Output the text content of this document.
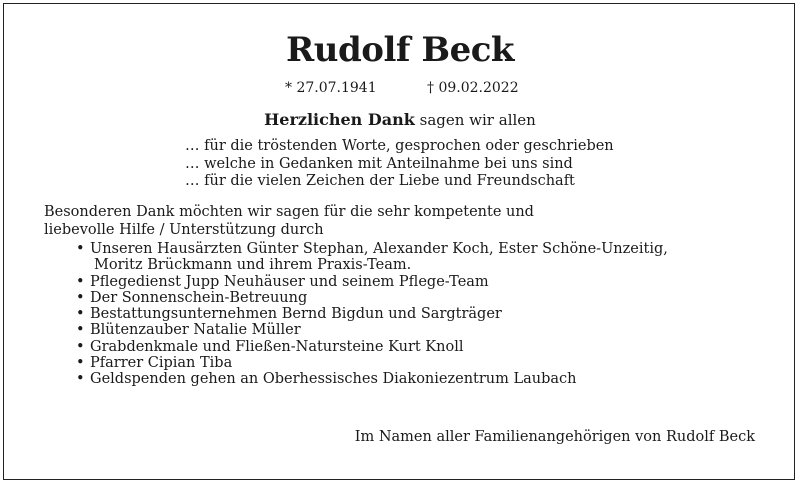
Rudolf Beck
* 27.07.1941	† 09.02.2022
Herzlichen Dank sagen wir allen
… für die tröstenden Worte, gesprochen oder geschrieben
… welche in Gedanken mit Anteilnahme bei uns sind
… für die vielen Zeichen der Liebe und Freundschaft
Besonderen Dank möchten wir sagen für die sehr kompetente und
liebevolle Hilfe / Unterstützung durch
• Unseren Hausärzten Günter Stephan, Alexander Koch, Ester Schöne-Unzeitig,
Moritz Brückmann und ihrem Praxis-Team.
• Pflegedienst Jupp Neuhäuser und seinem Pflege-Team
• Der Sonnenschein-Betreuung
• Bestattungsunternehmen Bernd Bigdun und Sargträger
• Blütenzauber Natalie Müller
• Grabdenkmale und Fließen-Natursteine Kurt Knoll
• Pfarrer Cipian Tiba
• Geldspenden gehen an Oberhessisches Diakoniezentrum Laubach
Im Namen aller Familienangehörigen von Rudolf Beck
